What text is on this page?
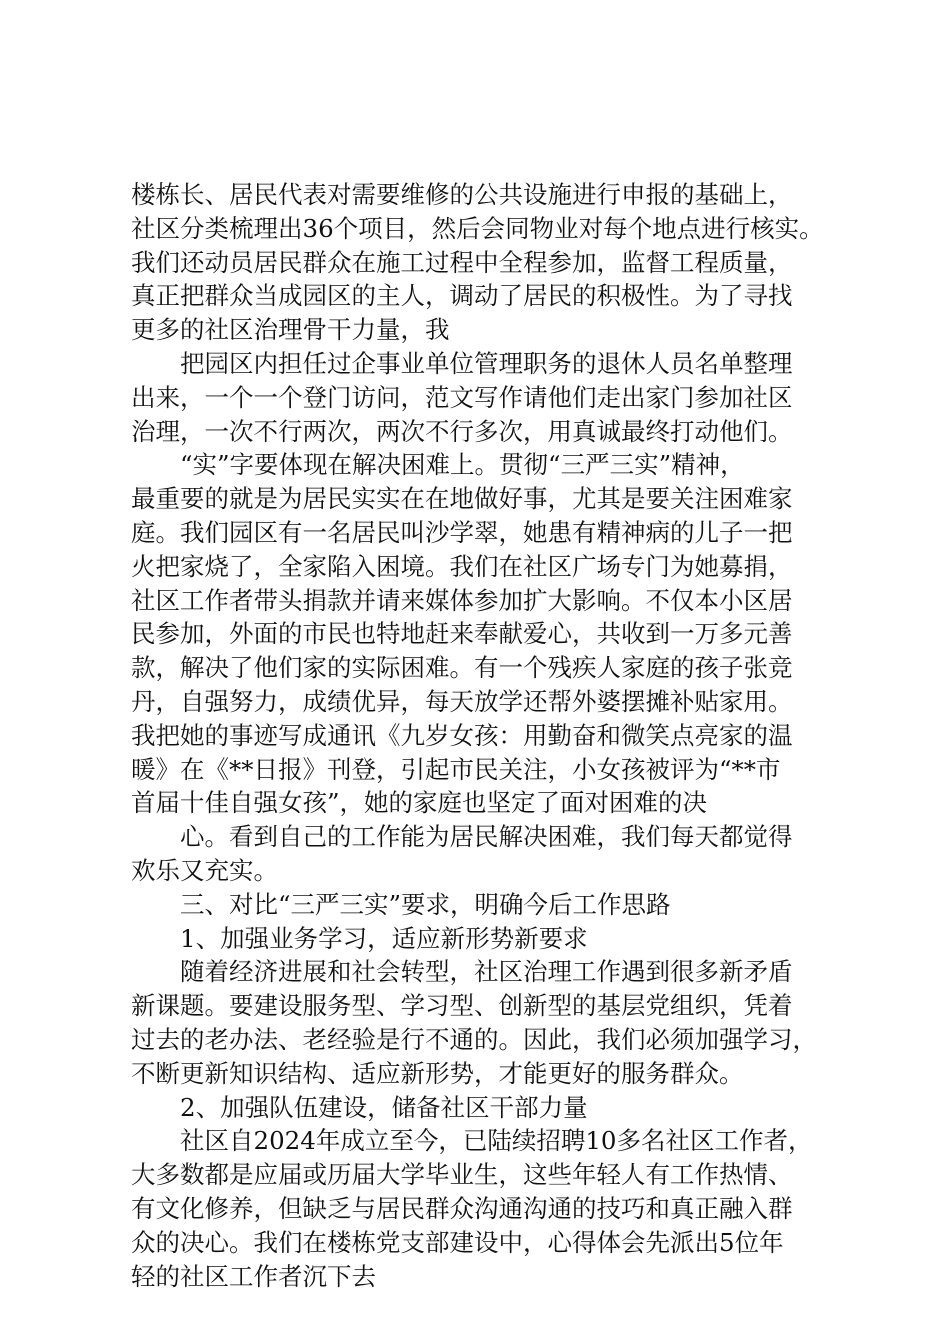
楼栋长、居民代表对需要维修的公共设施进行申报的基础上，
社区分类梳理出36个项目，然后会同物业对每个地点进行核实。
我们还动员居民群众在施工过程中全程参加，监督工程质量，
真正把群众当成园区的主人，调动了居民的积极性。为了寻找
更多的社区治理骨干力量，我
把园区内担任过企事业单位管理职务的退休人员名单整理
出来，一个一个登门访问，范文写作请他们走出家门参加社区
治理，一次不行两次，两次不行多次，用真诚最终打动他们。
“实”字要体现在解决困难上。贯彻“三严三实”精神，
最重要的就是为居民实实在在地做好事，尤其是要关注困难家
庭。我们园区有一名居民叫沙学翠，她患有精神病的儿子一把
火把家烧了，全家陷入困境。我们在社区广场专门为她募捐，
社区工作者带头捐款并请来媒体参加扩大影响。不仅本小区居
民参加，外面的市民也特地赶来奉献爱心，共收到一万多元善
款，解决了他们家的实际困难。有一个残疾人家庭的孩子张竞
丹，自强努力，成绩优异，每天放学还帮外婆摆摊补贴家用。
我把她的事迹写成通讯《九岁女孩：用勤奋和微笑点亮家的温
暖》在《**日报》刊登，引起市民关注，小女孩被评为“**市
首届十佳自强女孩”，她的家庭也坚定了面对困难的决
心。看到自己的工作能为居民解决困难，我们每天都觉得
欢乐又充实。
三、对比“三严三实”要求，明确今后工作思路
1、加强业务学习，适应新形势新要求
随着经济进展和社会转型，社区治理工作遇到很多新矛盾
新课题。要建设服务型、学习型、创新型的基层党组织，凭着
过去的老办法、老经验是行不通的。因此，我们必须加强学习，
不断更新知识结构、适应新形势，才能更好的服务群众。
2、加强队伍建设，储备社区干部力量
社区自2024年成立至今，已陆续招聘10多名社区工作者，
大多数都是应届或历届大学毕业生，这些年轻人有工作热情、
有文化修养，但缺乏与居民群众沟通沟通的技巧和真正融入群
众的决心。我们在楼栋党支部建设中，心得体会先派出5位年
轻的社区工作者沉下去
